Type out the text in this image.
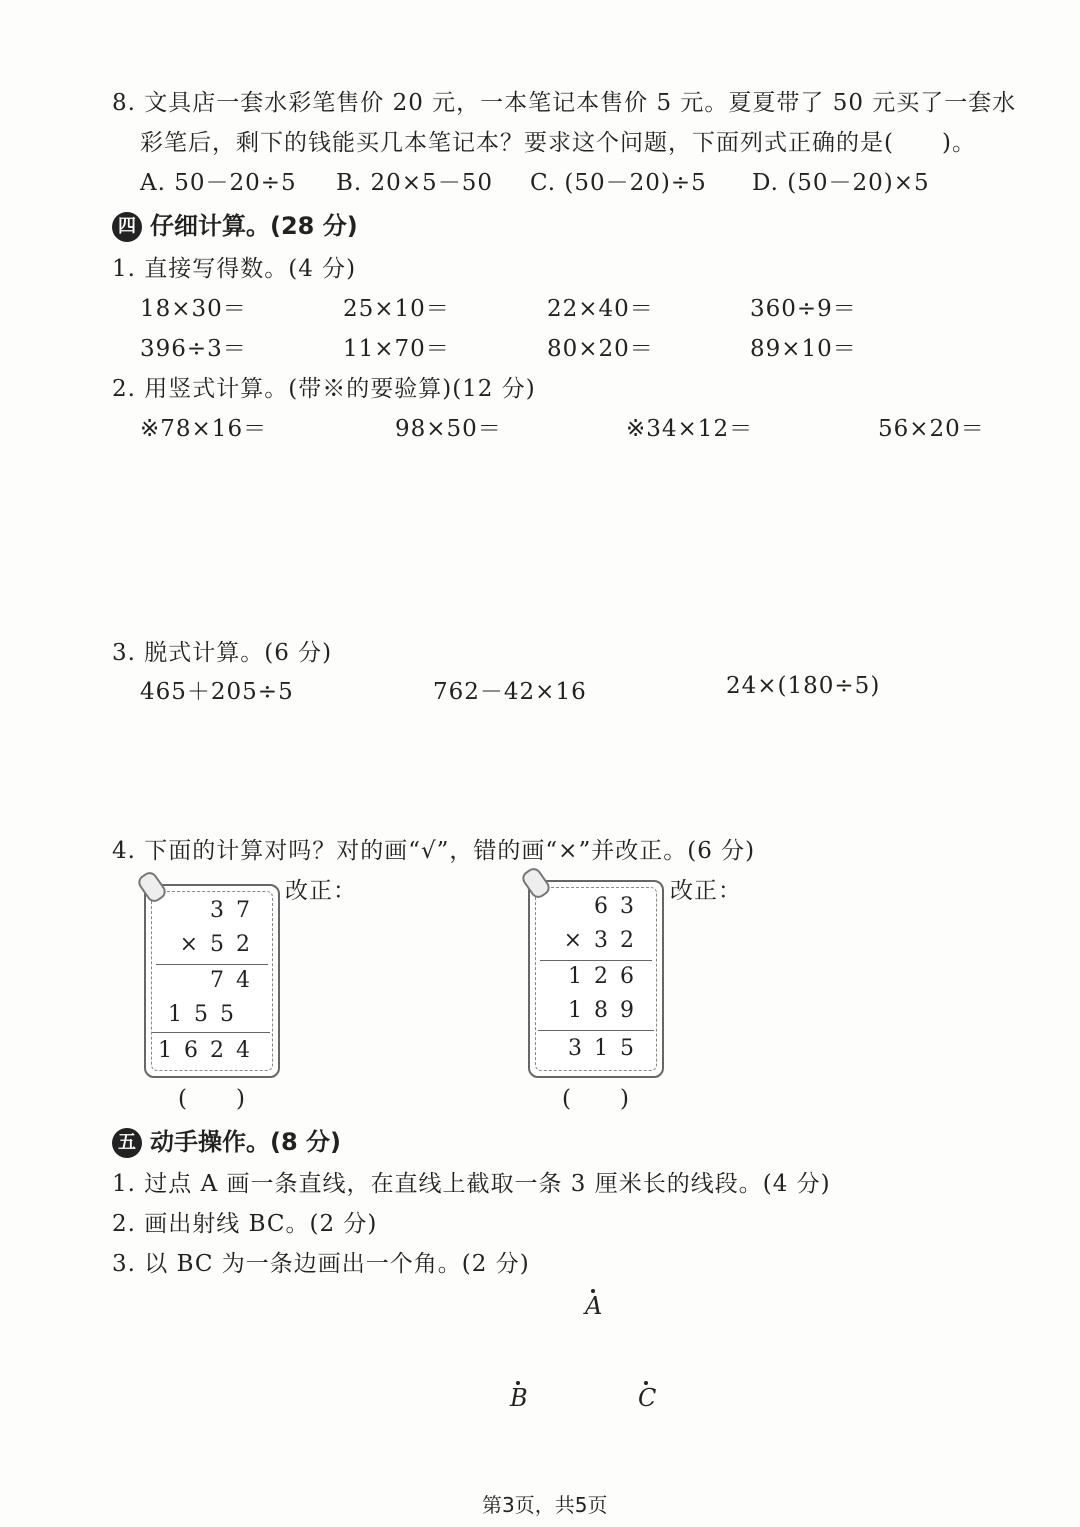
8. 文具店一套水彩笔售价 20 元，一本笔记本售价 5 元。夏夏带了 50 元买了一套水
彩笔后，剩下的钱能买几本笔记本？要求这个问题，下面列式正确的是(　　)。
A. 50－20÷5 B. 20×5－50 C. (50－20)÷5 D. (50－20)×5
四 仔细计算。(28 分)
1. 直接写得数。(4 分)
18×30＝	25×10＝	22×40＝	360÷9＝
396÷3＝	11×70＝	80×20＝	89×10＝
2. 用竖式计算。(带※的要验算)(12 分)
※78×16＝	98×50＝	※34×12＝	56×20＝
3. 脱式计算。(6 分)
465＋205÷5	762－42×16	24×(180÷5)
4. 下面的计算对吗？对的画“√”，错的画“×”并改正。(6 分)
37
×52
74
155
1624
改正：
(　　)
63
×32
126
189
315
改正：
(　　)
五 动手操作。(8 分)
1. 过点 A 画一条直线，在直线上截取一条 3 厘米长的线段。(4 分)
2. 画出射线 BC。(2 分)
3. 以 BC 为一条边画出一个角。(2 分)
A
B	C
第3页，共5页
